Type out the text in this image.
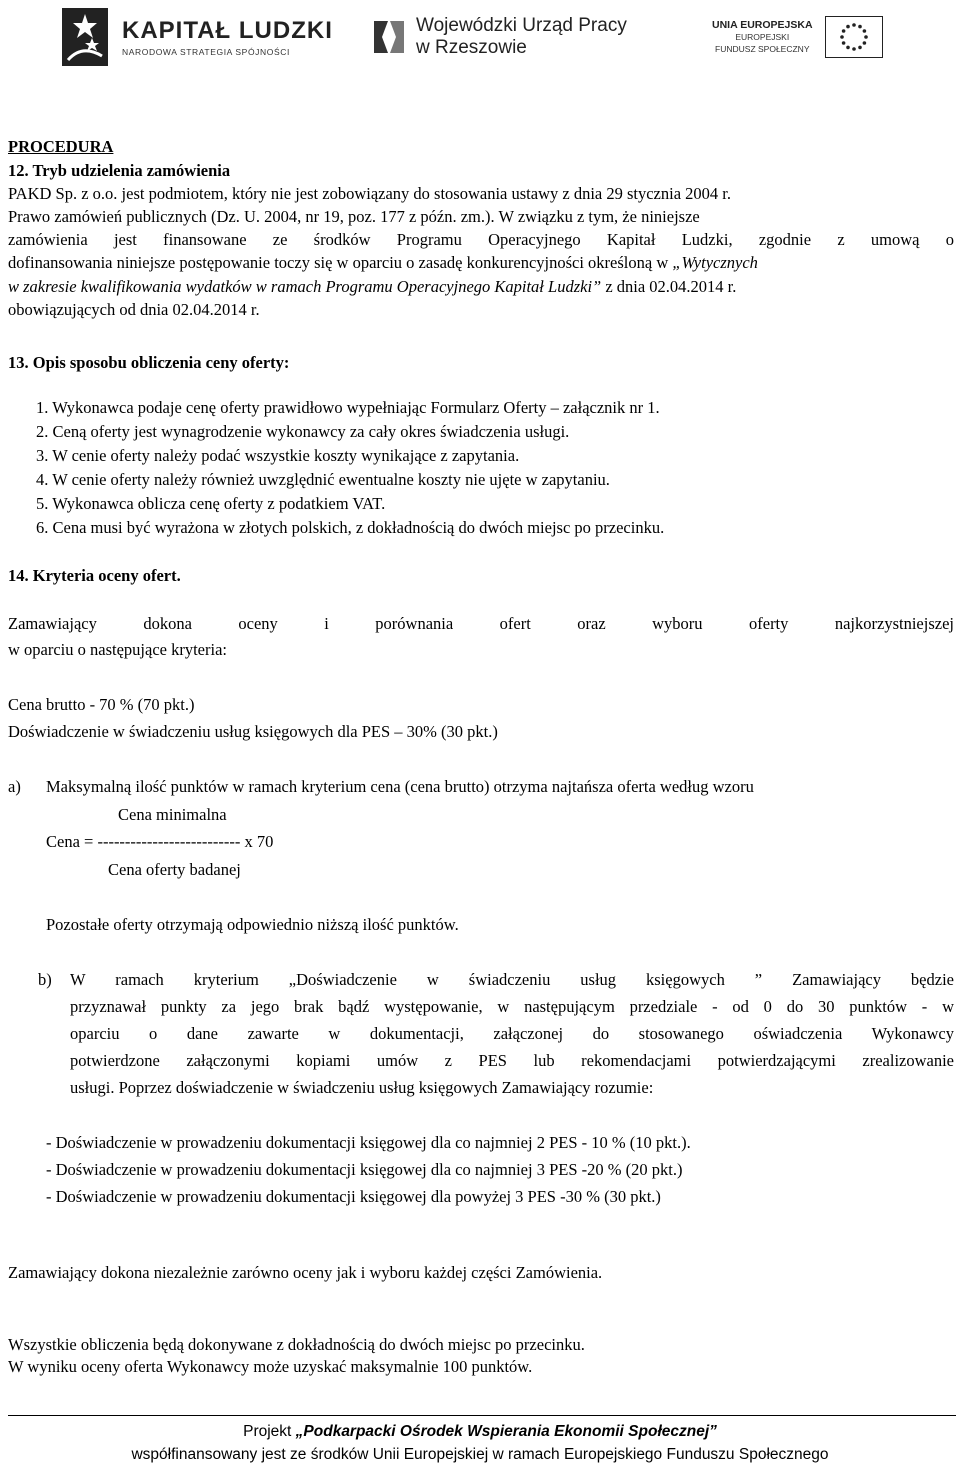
KAPITAŁ LUDZKI
NARODOWA STRATEGIA SPÓJNOŚCI
Wojewódzki Urząd Pracy
w Rzeszowie
UNIA EUROPEJSKA
EUROPEJSKI
FUNDUSZ SPOŁECZNY
PROCEDURA
12. Tryb udzielenia zamówienia
PAKD Sp. z o.o. jest podmiotem, który nie jest zobowiązany do stosowania ustawy z dnia 29 stycznia 2004 r.
Prawo zamówień publicznych (Dz. U. 2004, nr 19, poz. 177 z późn. zm.). W związku z tym, że niniejsze
zamówienia jest finansowane ze środków Programu Operacyjnego Kapitał Ludzki, zgodnie z umową o
dofinansowania niniejsze postępowanie toczy się w oparciu o zasadę konkurencyjności określoną w „Wytycznych
w zakresie kwalifikowania wydatków w ramach Programu Operacyjnego Kapitał Ludzki” z dnia 02.04.2014 r.
obowiązujących od dnia 02.04.2014 r.
13. Opis sposobu obliczenia ceny oferty:
1. Wykonawca podaje cenę oferty prawidłowo wypełniając Formularz Oferty – załącznik nr 1.
2. Ceną oferty jest wynagrodzenie wykonawcy za cały okres świadczenia usługi.
3. W cenie oferty należy podać wszystkie koszty wynikające z zapytania.
4. W cenie oferty należy również uwzględnić ewentualne koszty nie ujęte w zapytaniu.
5. Wykonawca oblicza cenę oferty z podatkiem VAT.
6. Cena musi być wyrażona w złotych polskich, z dokładnością do dwóch miejsc po przecinku.
14. Kryteria oceny ofert.
Zamawiający dokona oceny i porównania ofert oraz wyboru oferty najkorzystniejszej
w oparciu o następujące kryteria:
Cena brutto - 70 % (70 pkt.)
Doświadczenie w świadczeniu usług księgowych dla PES – 30% (30 pkt.)
a) Maksymalną ilość punktów w ramach kryterium cena (cena brutto) otrzyma najtańsza oferta według wzoru
Cena minimalna
Cena = -------------------------- x 70
Cena oferty badanej
Pozostałe oferty otrzymają odpowiednio niższą ilość punktów.
b) W ramach kryterium „Doświadczenie w świadczeniu usług księgowych ” Zamawiający będzie
przyznawał punkty za jego brak bądź występowanie, w następującym przedziale - od 0 do 30 punktów - w
oparciu o dane zawarte w dokumentacji, załączonej do stosowanego oświadczenia Wykonawcy
potwierdzone załączonymi kopiami umów z PES lub rekomendacjami potwierdzającymi zrealizowanie
usługi. Poprzez doświadczenie w świadczeniu usług księgowych Zamawiający rozumie:
- Doświadczenie w prowadzeniu dokumentacji księgowej dla co najmniej 2 PES - 10 % (10 pkt.).
- Doświadczenie w prowadzeniu dokumentacji księgowej dla co najmniej 3 PES -20 % (20 pkt.)
- Doświadczenie w prowadzeniu dokumentacji księgowej dla powyżej 3 PES -30 % (30 pkt.)
Zamawiający dokona niezależnie zarówno oceny jak i wyboru każdej części Zamówienia.
Wszystkie obliczenia będą dokonywane z dokładnością do dwóch miejsc po przecinku.
W wyniku oceny oferta Wykonawcy może uzyskać maksymalnie 100 punktów.
Projekt „Podkarpacki Ośrodek Wspierania Ekonomii Społecznej”
współfinansowany jest ze środków Unii Europejskiej w ramach Europejskiego Funduszu Społecznego
